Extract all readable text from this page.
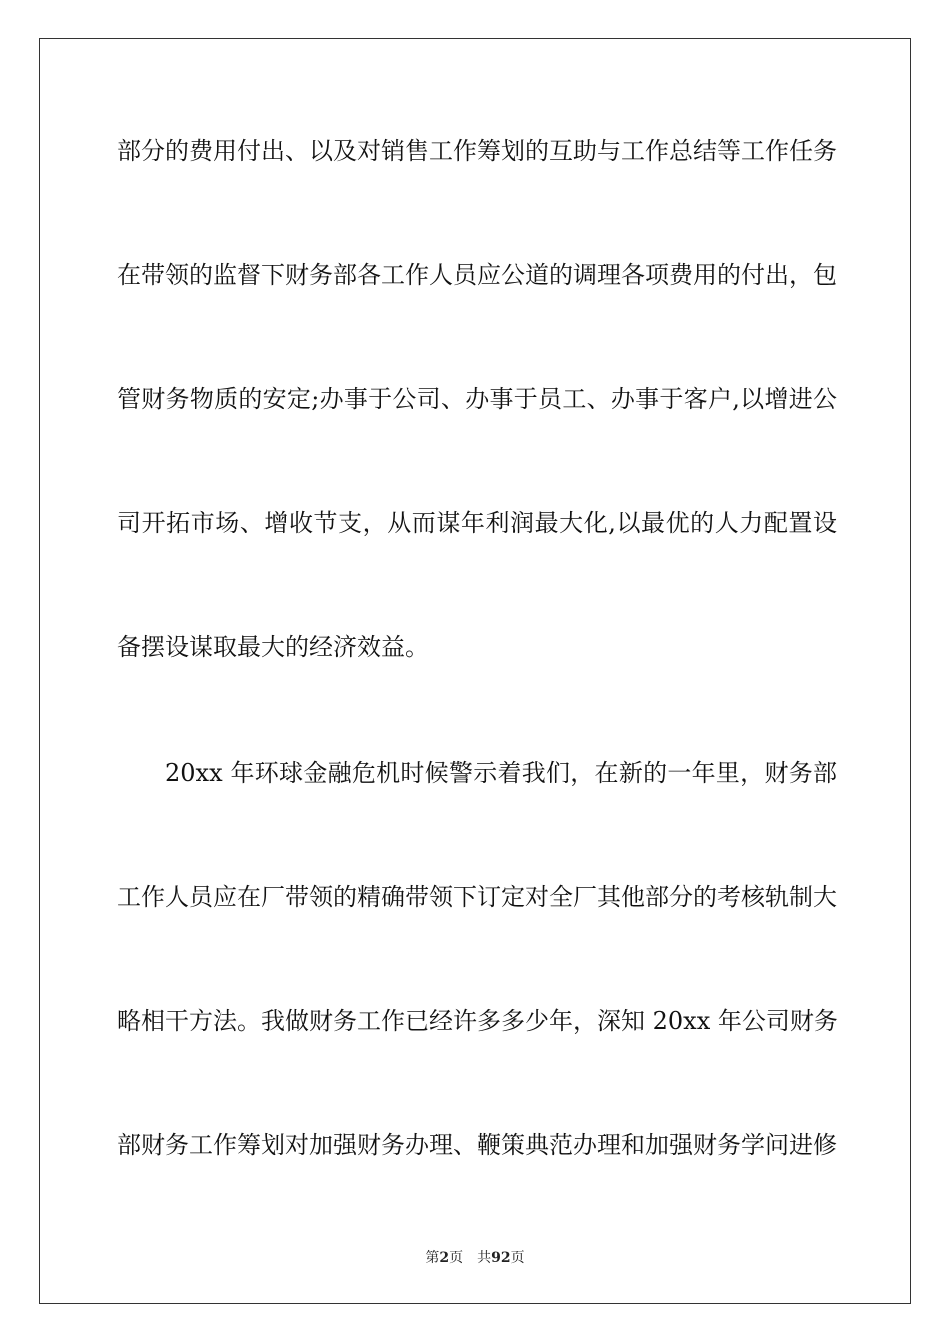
部分的费用付出、以及对销售工作筹划的互助与工作总结等工作任务
在带领的监督下财务部各工作人员应公道的调理各项费用的付出，包
管财务物质的安定;办事于公司、办事于员工、办事于客户,以增进公
司开拓市场、增收节支，从而谋年利润最大化,以最优的人力配置设
备摆设谋取最大的经济效益。
20xx 年环球金融危机时候警示着我们，在新的一年里，财务部
工作人员应在厂带领的精确带领下订定对全厂其他部分的考核轨制大
略相干方法。我做财务工作已经许多多少年，深知 20xx 年公司财务
部财务工作筹划对加强财务办理、鞭策典范办理和加强财务学问进修
第2页 共92页
